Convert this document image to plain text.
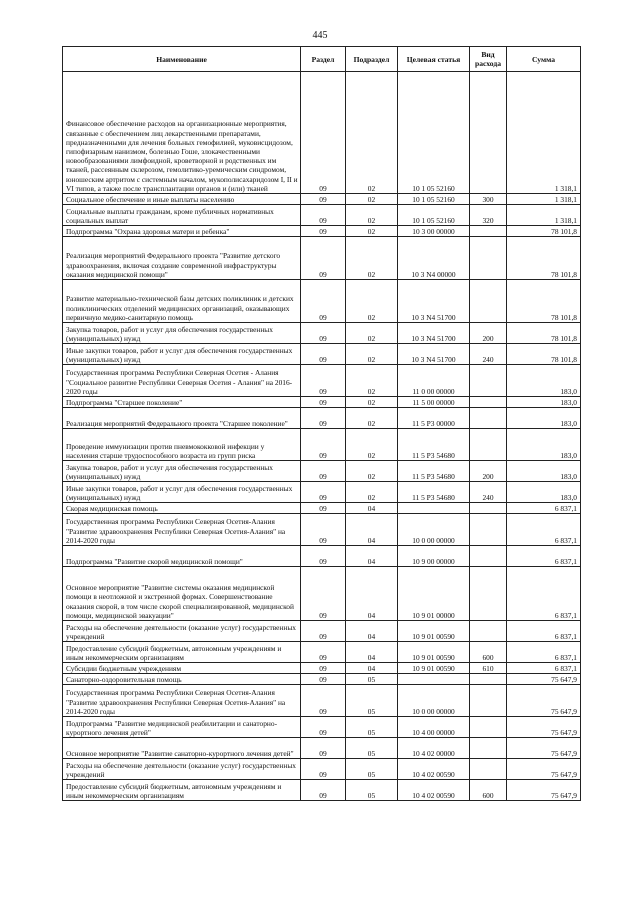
445
Наименование	Раздел	Подраздел	Целевая статья	Вид расхода	Сумма
Финансовое обеспечение расходов на организационные мероприятия, связанные с обеспечением лиц лекарственными препаратами, предназначенными для лечения больных гемофилией, муковисцидозом, гипофизарным нанизмом, болезнью Гоше, злокачественными новообразованиями лимфоидной, кроветворной и родственных им тканей, рассеянным склерозом, гемолитико-уремическим синдромом, юношеским артритом с системным началом, мукополисахаридозом I, II и VI типов, а также после трансплантации органов и (или) тканей	09	02	10 1 05 52160		1 318,1
Социальное обеспечение и иные выплаты населению	09	02	10 1 05 52160	300	1 318,1
Социальные выплаты гражданам, кроме публичных нормативных социальных выплат	09	02	10 1 05 52160	320	1 318,1
Подпрограмма "Охрана здоровья матери и ребенка"	09	02	10 3 00 00000		78 101,8
Реализация мероприятий Федерального проекта "Развитие детского здравоохранения, включая создание современной инфраструктуры оказания медицинской помощи"	09	02	10 3 N4 00000		78 101,8
Развитие материально-технической базы детских поликлиник и детских поликлинических отделений медицинских организаций, оказывающих первичную медико-санитарную помощь	09	02	10 3 N4 51700		78 101,8
Закупка товаров, работ и услуг для обеспечения государственных (муниципальных) нужд	09	02	10 3 N4 51700	200	78 101,8
Иные закупки товаров, работ и услуг для обеспечения государственных (муниципальных) нужд	09	02	10 3 N4 51700	240	78 101,8
Государственная программа Республики Северная Осетия - Алания "Социальное развитие Республики Северная Осетия - Алания" на 2016-2020 годы	09	02	11 0 00 00000		183,0
Подпрограмма "Старшее поколение"	09	02	11 5 00 00000		183,0
Реализация мероприятий Федерального проекта "Старшее поколение"	09	02	11 5 P3 00000		183,0
Проведение иммунизации против пневмококковой инфекции у населения старше трудоспособного возраста из групп риска	09	02	11 5 P3 54680		183,0
Закупка товаров, работ и услуг для обеспечения государственных (муниципальных) нужд	09	02	11 5 P3 54680	200	183,0
Иные закупки товаров, работ и услуг для обеспечения государственных (муниципальных) нужд	09	02	11 5 P3 54680	240	183,0
Скорая медицинская помощь	09	04			6 837,1
Государственная программа Республики Северная Осетия-Алания "Развитие здравоохранения Республики Северная Осетия-Алания" на 2014-2020 годы	09	04	10 0 00 00000		6 837,1
Подпрограмма "Развитие скорой медицинской помощи"	09	04	10 9 00 00000		6 837,1
Основное мероприятие "Развитие системы оказания медицинской помощи в неотложной и экстренной формах. Совершенствование оказания скорой, в том числе скорой специализированной, медицинской помощи, медицинской эвакуации"	09	04	10 9 01 00000		6 837,1
Расходы на обеспечение деятельности (оказание услуг) государственных учреждений	09	04	10 9 01 00590		6 837,1
Предоставление субсидий бюджетным, автономным учреждениям и иным некоммерческим организациям	09	04	10 9 01 00590	600	6 837,1
Субсидии бюджетным учреждениям	09	04	10 9 01 00590	610	6 837,1
Санаторно-оздоровительная помощь	09	05			75 647,9
Государственная программа Республики Северная Осетия-Алания "Развитие здравоохранения Республики Северная Осетия-Алания" на 2014-2020 годы	09	05	10 0 00 00000		75 647,9
Подпрограмма "Развитие медицинской реабилитации и санаторно-курортного лечения детей"	09	05	10 4 00 00000		75 647,9
Основное мероприятие "Развитие санаторно-курортного лечения детей"	09	05	10 4 02 00000		75 647,9
Расходы на обеспечение деятельности (оказание услуг) государственных учреждений	09	05	10 4 02 00590		75 647,9
Предоставление субсидий бюджетным, автономным учреждениям и иным некоммерческим организациям	09	05	10 4 02 00590	600	75 647,9
